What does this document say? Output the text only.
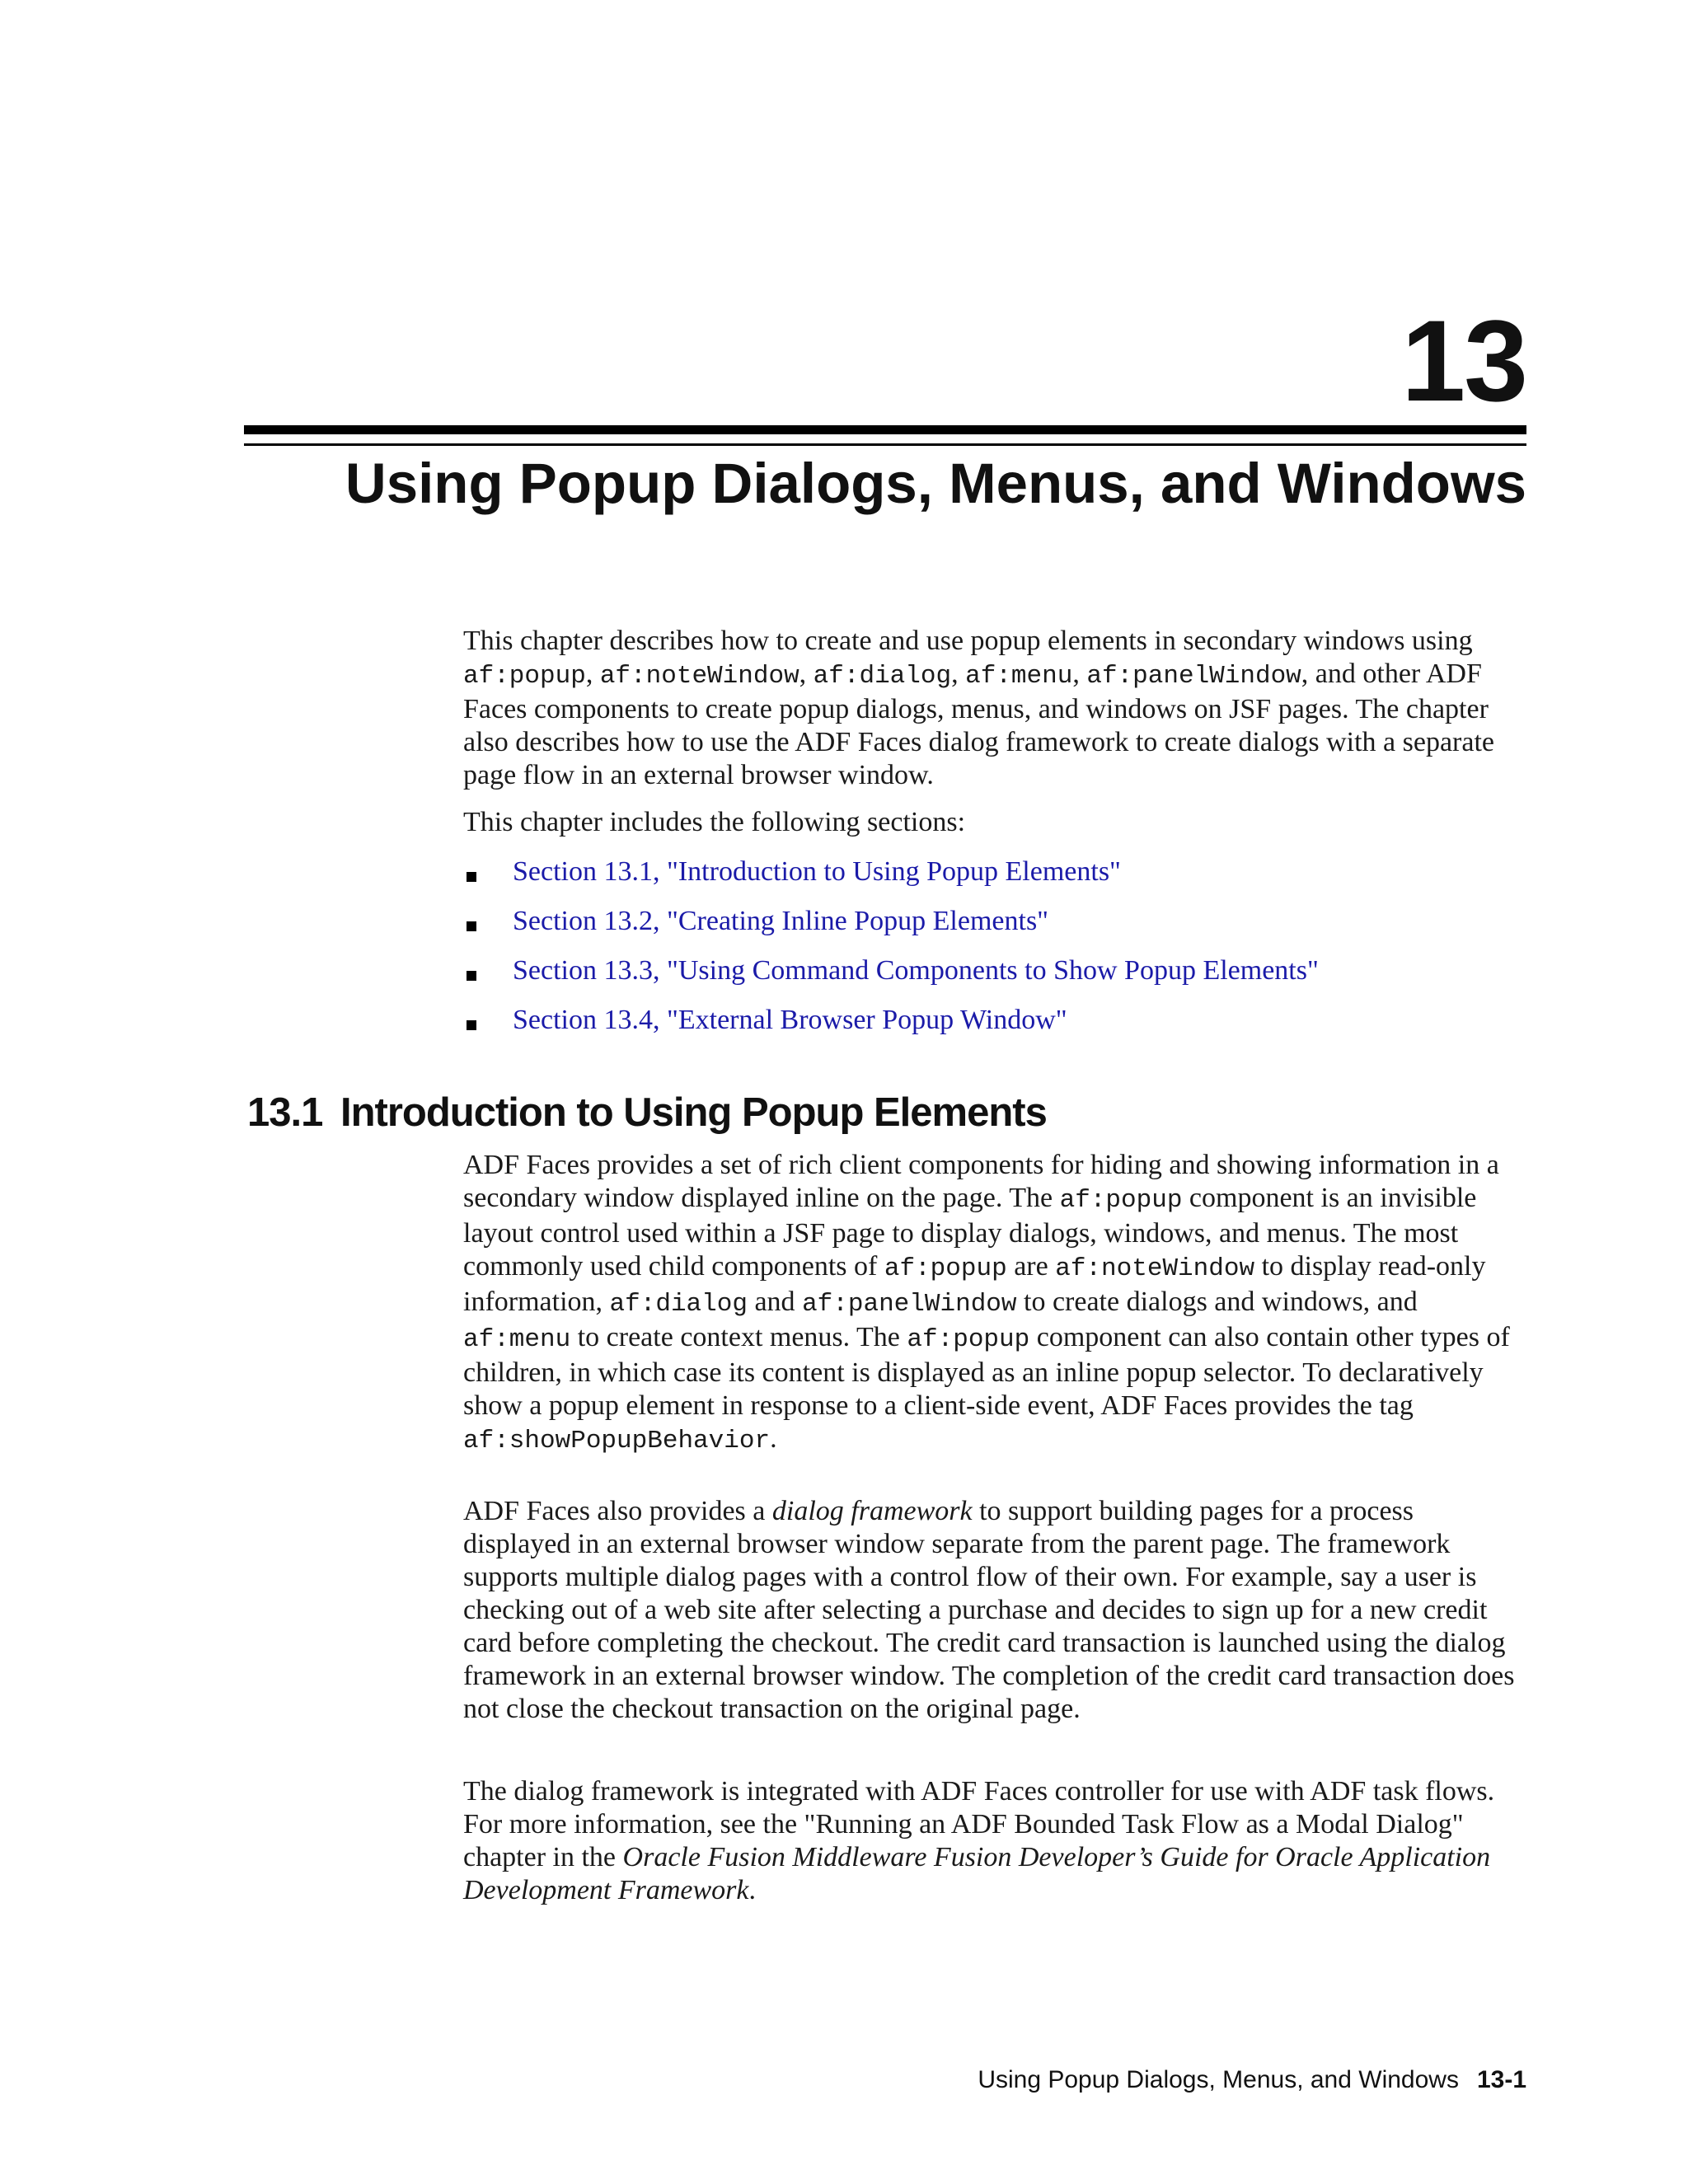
13
Using Popup Dialogs, Menus, and Windows

This chapter describes how to create and use popup elements in secondary windows using af:popup, af:noteWindow, af:dialog, af:menu, af:panelWindow, and other ADF Faces components to create popup dialogs, menus, and windows on JSF pages. The chapter also describes how to use the ADF Faces dialog framework to create dialogs with a separate page flow in an external browser window.

This chapter includes the following sections:

Section 13.1, "Introduction to Using Popup Elements"
Section 13.2, "Creating Inline Popup Elements"
Section 13.3, "Using Command Components to Show Popup Elements"
Section 13.4, "External Browser Popup Window"
13.1 Introduction to Using Popup Elements

ADF Faces provides a set of rich client components for hiding and showing information in a secondary window displayed inline on the page. The af:popup component is an invisible layout control used within a JSF page to display dialogs, windows, and menus. The most commonly used child components of af:popup are af:noteWindow to display read-only information, af:dialog and af:panelWindow to create dialogs and windows, and af:menu to create context menus. The af:popup component can also contain other types of children, in which case its content is displayed as an inline popup selector. To declaratively show a popup element in response to a client-side event, ADF Faces provides the tag af:showPopupBehavior.

ADF Faces also provides a dialog framework to support building pages for a process displayed in an external browser window separate from the parent page. The framework supports multiple dialog pages with a control flow of their own. For example, say a user is checking out of a web site after selecting a purchase and decides to sign up for a new credit card before completing the checkout. The credit card transaction is launched using the dialog framework in an external browser window. The completion of the credit card transaction does not close the checkout transaction on the original page.

The dialog framework is integrated with ADF Faces controller for use with ADF task flows. For more information, see the "Running an ADF Bounded Task Flow as a Modal Dialog" chapter in the Oracle Fusion Middleware Fusion Developer’s Guide for Oracle Application Development Framework.

Using Popup Dialogs, Menus, and Windows 13-1
